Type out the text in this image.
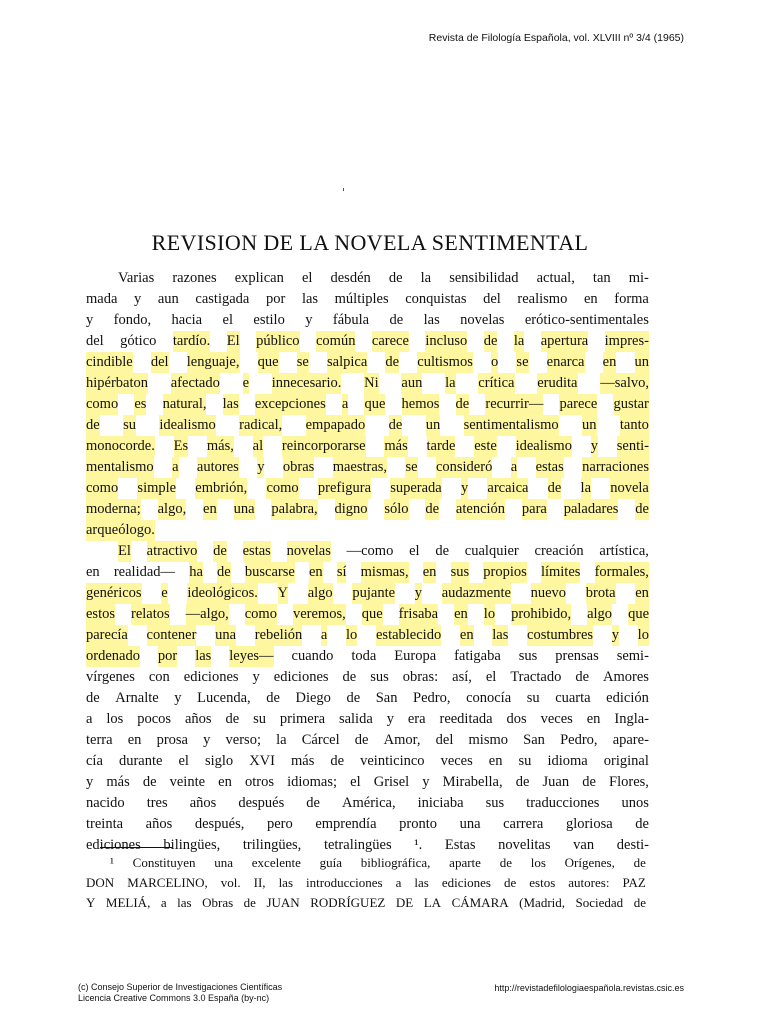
Revista de Filología Española, vol. XLVIII nº 3/4 (1965)
'
REVISION DE LA NOVELA SENTIMENTAL
Varias razones explican el desdén de la sensibilidad actual, tan mi-
mada y aun castigada por las múltiples conquistas del realismo en forma
y fondo, hacia el estilo y fábula de las novelas erótico-sentimentales
del gótico tardío. El público común carece incluso de la apertura impres-
cindible del lenguaje, que se salpica de cultismos o se enarca en un
hipérbaton afectado e innecesario. Ni aun la crítica erudita —salvo,
como es natural, las excepciones a que hemos de recurrir— parece gustar
de su idealismo radical, empapado de un sentimentalismo un tanto
monocorde. Es más, al reincorporarse más tarde este idealismo y senti-
mentalismo a autores y obras maestras, se consideró a estas narraciones
como simple embrión, como prefigura superada y arcaica de la novela
moderna; algo, en una palabra, digno sólo de atención para paladares de
arqueólogo.
El atractivo de estas novelas —como el de cualquier creación artística,
en realidad— ha de buscarse en sí mismas, en sus propios límites formales,
genéricos e ideológicos. Y algo pujante y audazmente nuevo brota en
estos relatos —algo, como veremos, que frisaba en lo prohibido, algo que
parecía contener una rebelión a lo establecido en las costumbres y lo
ordenado por las leyes— cuando toda Europa fatigaba sus prensas semi-
vírgenes con ediciones y ediciones de sus obras: así, el Tractado de Amores
de Arnalte y Lucenda, de Diego de San Pedro, conocía su cuarta edición
a los pocos años de su primera salida y era reeditada dos veces en Ingla-
terra en prosa y verso; la Cárcel de Amor, del mismo San Pedro, apare-
cía durante el siglo XVI más de veinticinco veces en su idioma original
y más de veinte en otros idiomas; el Grisel y Mirabella, de Juan de Flores,
nacido tres años después de América, iniciaba sus traducciones unos
treinta años después, pero emprendía pronto una carrera gloriosa de
ediciones bilingües, trilingües, tetralingües ¹. Estas novelitas van desti-
¹ Constituyen una excelente guía bibliográfica, aparte de los Orígenes, de
DON MARCELINO, vol. II, las introducciones a las ediciones de estos autores: PAZ
Y MELIÁ, a las Obras de JUAN RODRÍGUEZ DE LA CÁMARA (Madrid, Sociedad de
(c) Consejo Superior de Investigaciones Científicas
Licencia Creative Commons 3.0 España (by-nc)
http://revistadefilologiaespañola.revistas.csic.es
